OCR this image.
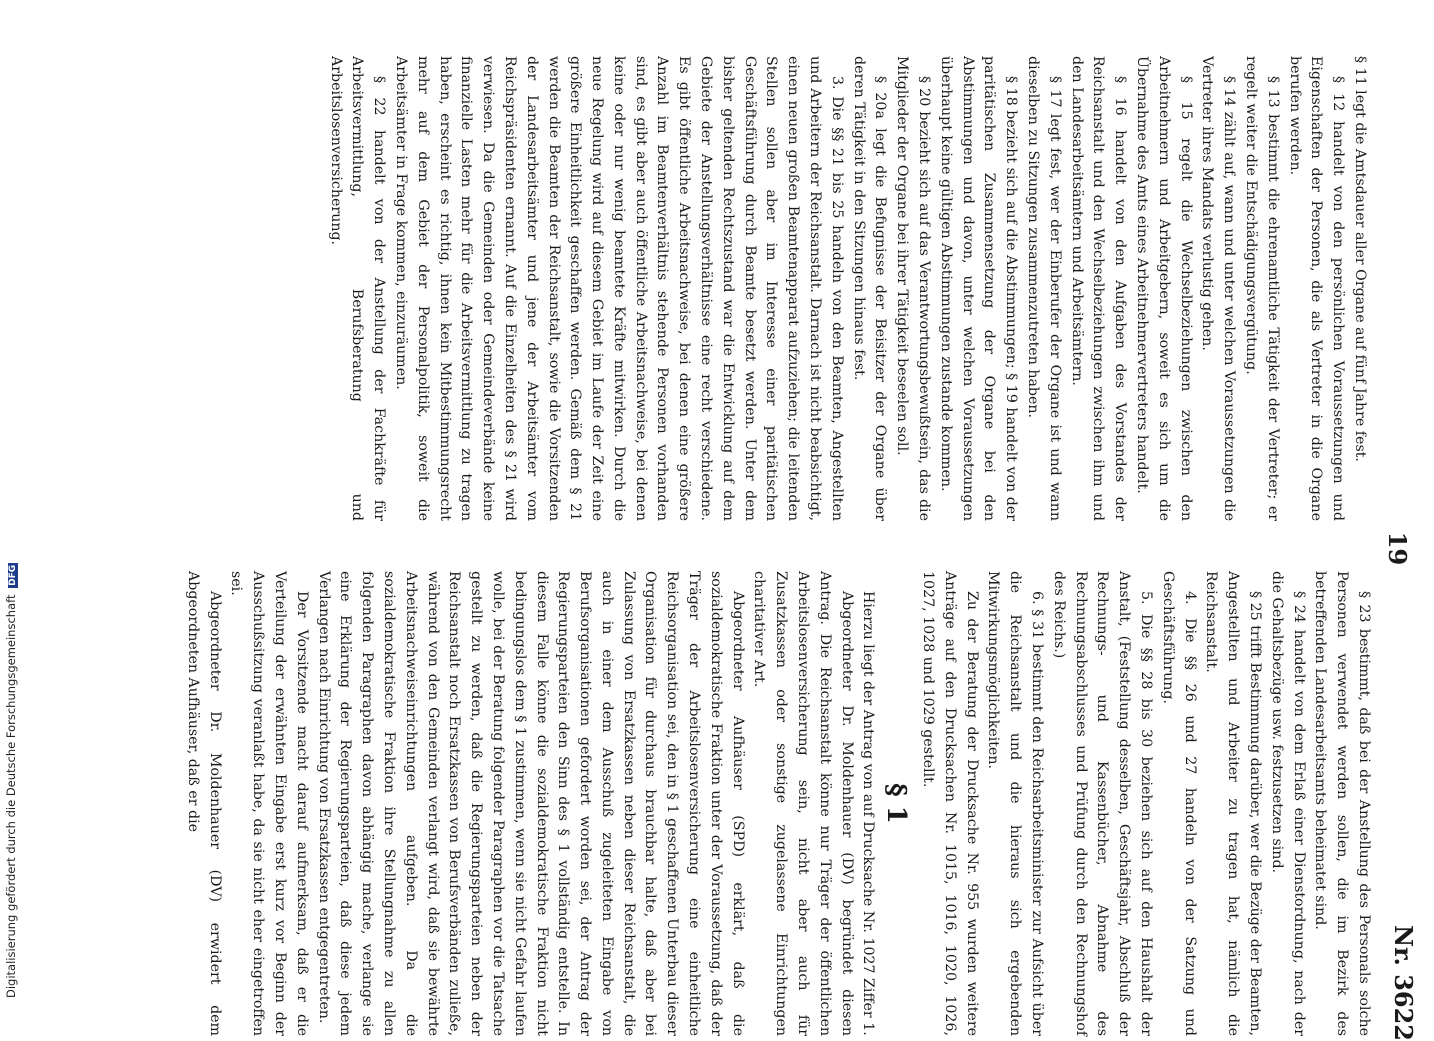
19
Nr. 3622

§ 11 legt die Amtsdauer aller Organe auf fünf Jahre fest.

§ 12 handelt von den persönlichen Voraussetzungen und Eigenschaften der Personen, die als Vertreter in die Organe berufen werden.

§ 13 bestimmt die ehrenamtliche Tätigkeit der Vertreter; er regelt weiter die Entschädigungsvergütung.

§ 14 zählt auf, wann und unter welchen Voraussetzungen die Vertreter ihres Mandats verlustig gehen.

§ 15 regelt die Wechselbeziehungen zwischen den Arbeitnehmern und Arbeitgebern, soweit es sich um die Übernahme des Amts eines Arbeitnehmervertreters handelt.

§ 16 handelt von den Aufgaben des Vorstandes der Reichsanstalt und den Wechselbeziehungen zwischen ihm und den Landesarbeitsämtern und Arbeitsämtern.

§ 17 legt fest, wer der Einberufer der Organe ist und wann dieselben zu Sitzungen zusammenzutreten haben.

§ 18 bezieht sich auf die Abstimmungen; § 19 handelt von der paritätischen Zusammensetzung der Organe bei den Abstimmungen und davon, unter welchen Voraussetzungen überhaupt keine gültigen Abstimmungen zustande kommen.

§ 20 bezieht sich auf das Verantwortungsbewußtsein, das die Mitglieder der Organe bei ihrer Tätigkeit beseelen soll.

§ 20a legt die Befugnisse der Beisitzer der Organe über deren Tätigkeit in den Sitzungen hinaus fest.

3. Die §§ 21 bis 25 handeln von den Beamten, Angestellten und Arbeitern der Reichsanstalt. Darnach ist nicht beabsichtigt, einen neuen großen Beamtenapparat aufzuziehen; die leitenden Stellen sollen aber im Interesse einer paritätischen Geschäftsführung durch Beamte besetzt werden. Unter dem bisher geltenden Rechtszustand war die Entwicklung auf dem Gebiete der Anstellungsverhältnisse eine recht verschiedene. Es gibt öffentliche Arbeitsnachweise, bei denen eine größere Anzahl im Beamtenverhältnis stehende Personen vorhanden sind, es gibt aber auch öffentliche Arbeitsnachweise, bei denen keine oder nur wenig beamtete Kräfte mitwirken. Durch die neue Regelung wird auf diesem Gebiet im Laufe der Zeit eine größere Einheitlichkeit geschaffen werden. Gemäß dem § 21 werden die Beamten der Reichsanstalt, sowie die Vorsitzenden der Landesarbeitsämter und jene der Arbeitsämter vom Reichspräsidenten ernannt. Auf die Einzelheiten des § 21 wird verwiesen. Da die Gemeinden oder Gemeindeverbände keine finanzielle Lasten mehr für die Arbeitsvermittlung zu tragen haben, erscheint es richtig, ihnen kein Mitbestimmungsrecht mehr auf dem Gebiet der Personalpolitik, soweit die Arbeitsämter in Frage kommen, einzuräumen.

§ 22 handelt von der Anstellung der Fachkräfte für Arbeitsvermittlung, Berufsberatung und Arbeitslosenversicherung.

§ 23 bestimmt, daß bei der Anstellung des Personals solche Personen verwendet werden sollen, die im Bezirk des betreffenden Landesarbeitsamts beheimatet sind.

§ 24 handelt von dem Erlaß einer Dienstordnung, nach der die Gehaltsbezüge usw. festzusetzen sind.

§ 25 trifft Bestimmung darüber, wer die Bezüge der Beamten, Angestellten und Arbeiter zu tragen hat, nämlich die Reichsanstalt.

4. Die §§ 26 und 27 handeln von der Satzung und Geschäftsführung.

5. Die §§ 28 bis 30 beziehen sich auf den Haushalt der Anstalt, (Feststellung desselben, Geschäftsjahr, Abschluß der Rechnungs- und Kassenbücher, Abnahme des Rechnungsabschlusses und Prüfung durch den Rechnungshof des Reichs.)

6. § 31 bestimmt den Reichsarbeitsminister zur Aufsicht über die Reichsanstalt und die hieraus sich ergebenden Mitwirkungsmöglichkeiten.

Zu der Beratung der Drucksache Nr. 955 wurden weitere Anträge auf den Drucksachen Nr. 1015, 1016, 1020, 1026, 1027, 1028 und 1029 gestellt.

§ 1

Hierzu liegt der Antrag von auf Drucksache Nr. 1027 Ziffer 1.

Abgeordneter Dr. Moldenhauer (DV) begründet diesen Antrag. Die Reichsanstalt könne nur Träger der öffentlichen Arbeitslosenversicherung sein, nicht aber auch für Zusatzkassen oder sonstige zugelassene Einrichtungen charitativer Art.

Abgeordneter Aufhäuser (SPD) erklärt, daß die sozialdemokratische Fraktion unter der Voraussetzung, daß der Träger der Arbeitslosenversicherung eine einheitliche Reichsorganisation sei, den in § 1 geschaffenen Unterbau dieser Organisation für durchaus brauchbar halte, daß aber bei Zulassung von Ersatzkassen neben dieser Reichsanstalt, die auch in einer dem Ausschuß zugeleiteten Eingabe von Berufsorganisationen gefordert worden sei, der Antrag der Regierungsparteien den Sinn des § 1 vollständig entstelle. In diesem Falle könne die sozialdemokratische Fraktion nicht bedingungslos dem § 1 zustimmen, wenn sie nicht Gefahr laufen wolle, bei der Beratung folgender Paragraphen vor die Tatsache gestellt zu werden, daß die Regierungsparteien neben der Reichsanstalt noch Ersatzkassen von Berufsverbänden zuließe, während von den Gemeinden verlangt wird, daß sie bewährte Arbeitsnachweiseinrichtungen aufgeben. Da die sozialdemokratische Fraktion ihre Stellungnahme zu allen folgenden Paragraphen davon abhängig mache, verlange sie eine Erklärung der Regierungsparteien, daß diese jedem Verlangen nach Einrichtung von Ersatzkassen entgegentreten.

Der Vorsitzende macht darauf aufmerksam, daß er die Verteilung der erwähnten Eingabe erst kurz vor Beginn der Ausschußsitzung veranlaßt habe, da sie nicht eher eingetroffen sei.

Abgeordneter Dr. Moldenhauer (DV) erwidert dem Abgeordneten Aufhäuser, daß er die

Digitalisierung gefördert durch die Deutsche Forschungsgemeinschaft DFG
